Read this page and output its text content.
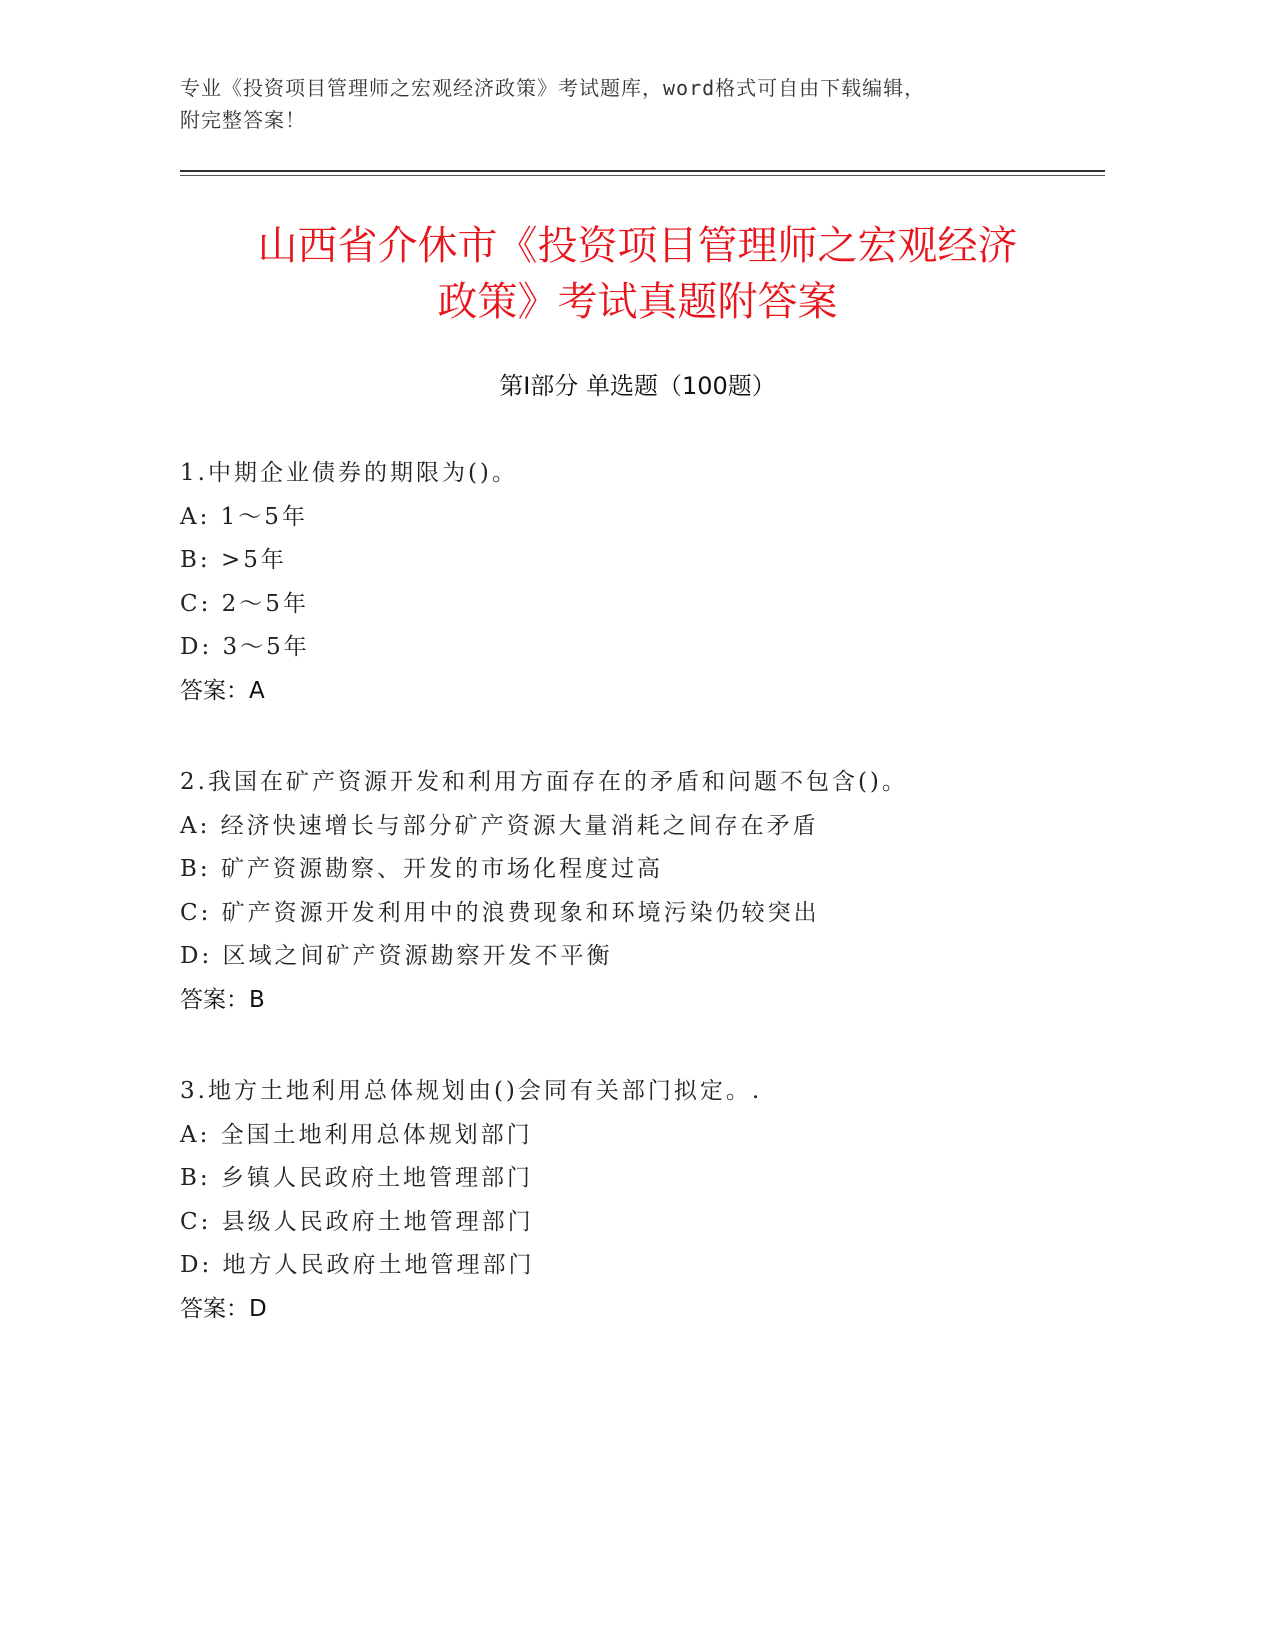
专业《投资项目管理师之宏观经济政策》考试题库，word格式可自由下载编辑，
附完整答案！
山西省介休市《投资项目管理师之宏观经济
政策》考试真题附答案
第Ⅰ部分 单选题（100题）
1.中期企业债券的期限为()。
A: 1～5年
B: >5年
C: 2～5年
D: 3～5年
答案：A
2.我国在矿产资源开发和利用方面存在的矛盾和问题不包含()。
A: 经济快速增长与部分矿产资源大量消耗之间存在矛盾
B: 矿产资源勘察、开发的市场化程度过高
C: 矿产资源开发利用中的浪费现象和环境污染仍较突出
D: 区域之间矿产资源勘察开发不平衡
答案：B
3.地方土地利用总体规划由()会同有关部门拟定。.
A: 全国土地利用总体规划部门
B: 乡镇人民政府土地管理部门
C: 县级人民政府土地管理部门
D: 地方人民政府土地管理部门
答案：D
